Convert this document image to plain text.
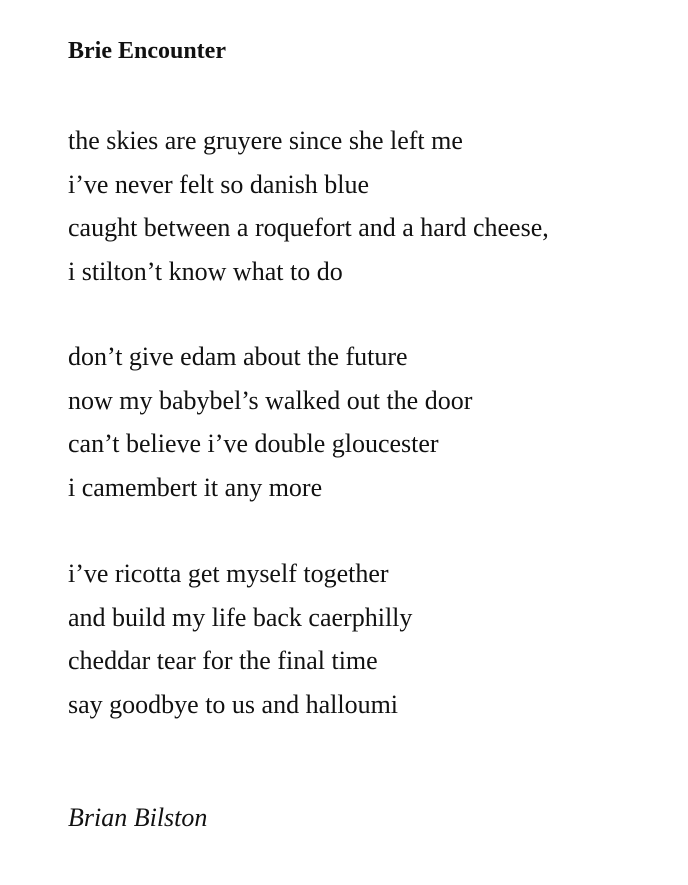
Brie Encounter
the skies are gruyere since she left me
i’ve never felt so danish blue
caught between a roquefort and a hard cheese,
i stilton’t know what to do
don’t give edam about the future
now my babybel’s walked out the door
can’t believe i’ve double gloucester
i camembert it any more
i’ve ricotta get myself together
and build my life back caerphilly
cheddar tear for the final time
say goodbye to us and halloumi
Brian Bilston
